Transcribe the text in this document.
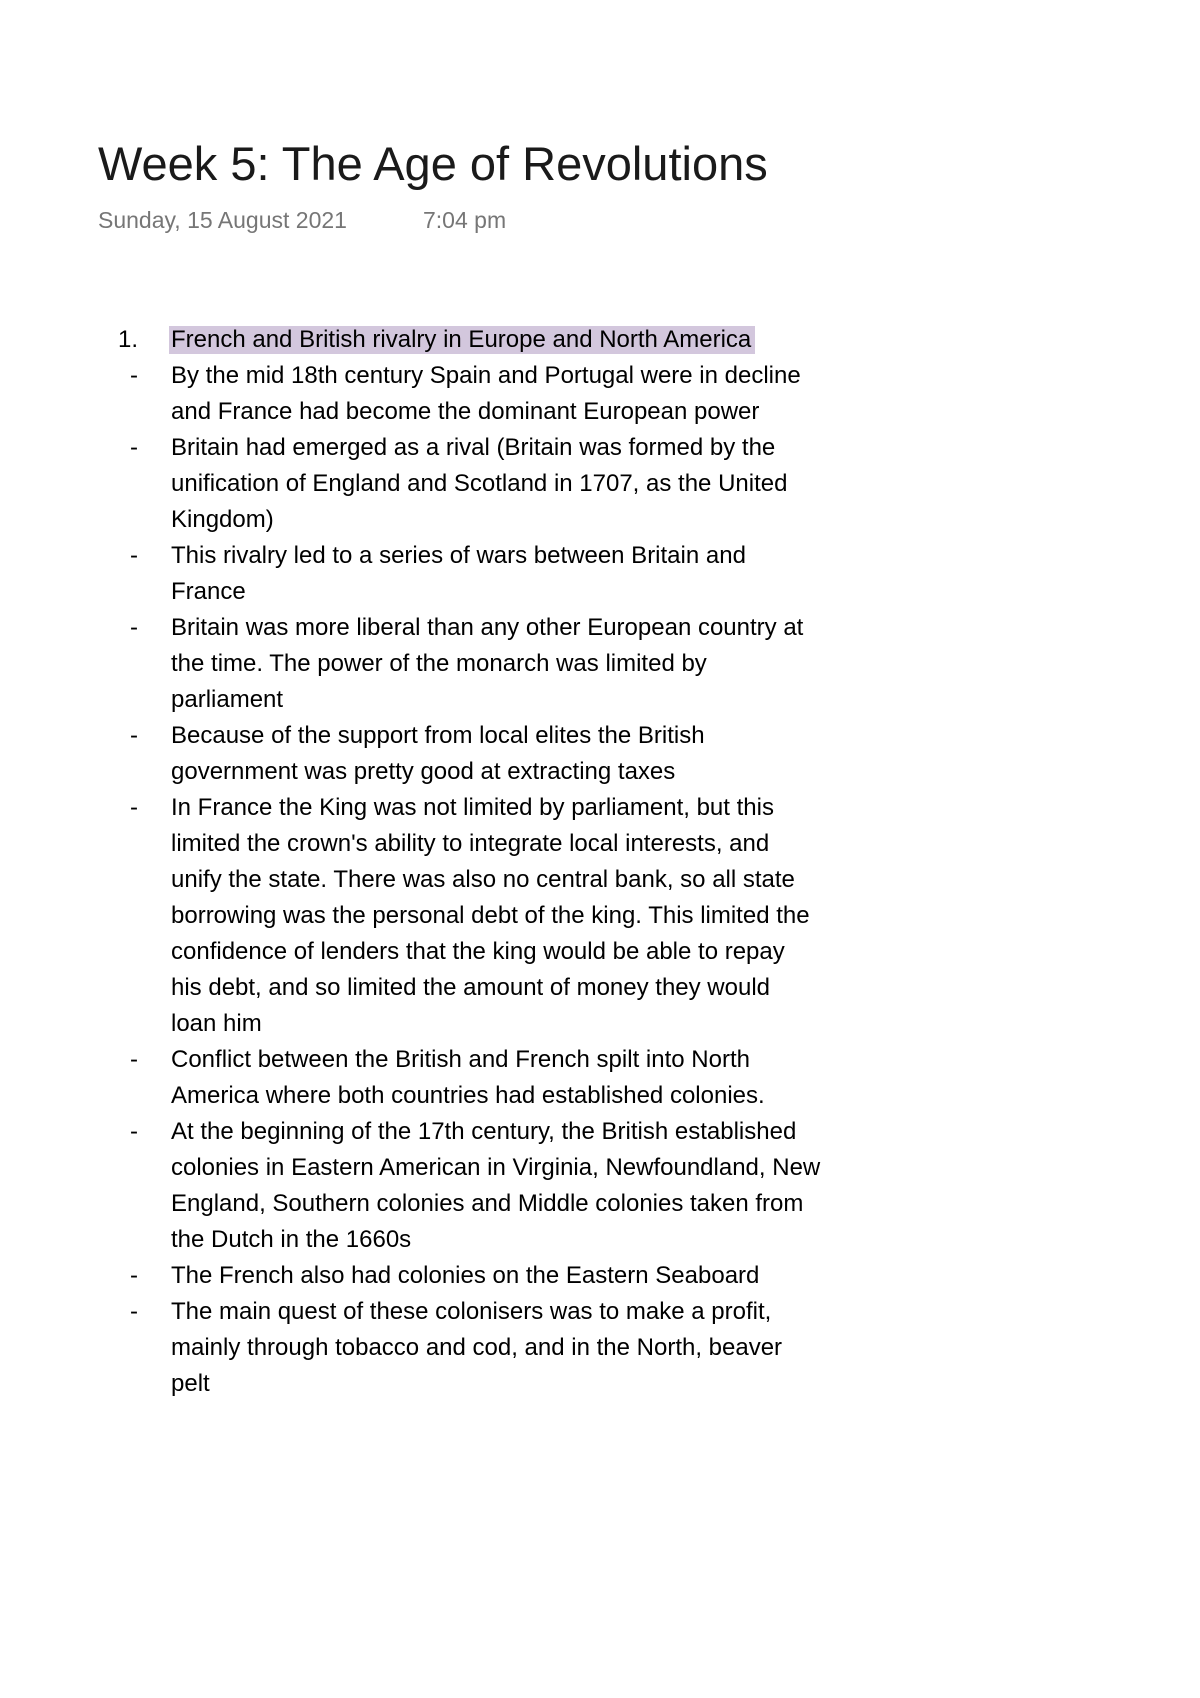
Week 5: The Age of Revolutions
Sunday, 15 August 2021	7:04 pm
1. French and British rivalry in Europe and North America
- By the mid 18th century Spain and Portugal were in decline and France had become the dominant European power
- Britain had emerged as a rival (Britain was formed by the unification of England and Scotland in 1707, as the United Kingdom)
- This rivalry led to a series of wars between Britain and France
- Britain was more liberal than any other European country at the time. The power of the monarch was limited by parliament
- Because of the support from local elites the British government was pretty good at extracting taxes
- In France the King was not limited by parliament, but this limited the crown's ability to integrate local interests, and unify the state. There was also no central bank, so all state borrowing was the personal debt of the king. This limited the confidence of lenders that the king would be able to repay his debt, and so limited the amount of money they would loan him
- Conflict between the British and French spilt into North America where both countries had established colonies.
- At the beginning of the 17th century, the British established colonies in Eastern American in Virginia, Newfoundland, New England, Southern colonies and Middle colonies taken from the Dutch in the 1660s
- The French also had colonies on the Eastern Seaboard
- The main quest of these colonisers was to make a profit, mainly through tobacco and cod, and in the North, beaver pelt
